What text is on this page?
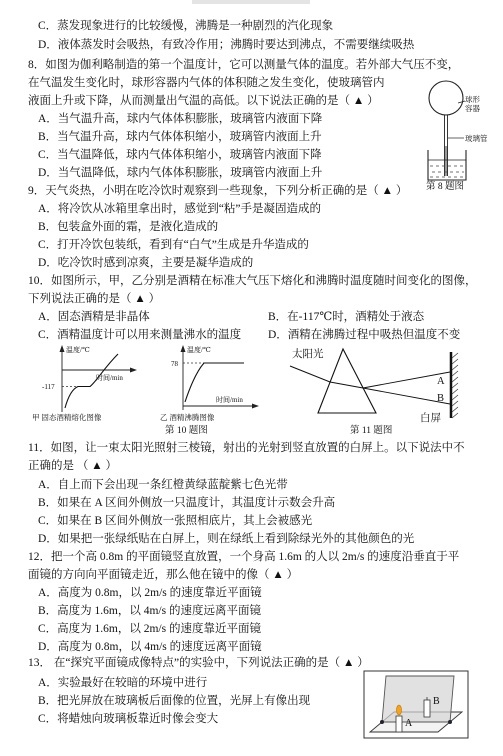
C．蒸发现象进行的比较缓慢，沸腾是一种剧烈的汽化现象
D．液体蒸发时会吸热，有致冷作用；沸腾时要达到沸点，不需要继续吸热
8．如图为伽利略制造的第一个温度计，它可以测量气体的温度。若外部大气压不变，
在气温发生变化时，球形容器内气体的体积随之发生变化，使玻璃管内
液面上升或下降，从而测量出气温的高低。以下说法正确的是（ ▲ ）
A．当气温升高，球内气体体积膨胀，玻璃管内液面下降
B．当气温升高，球内气体体积缩小，玻璃管内液面上升
C．当气温降低，球内气体体积缩小，玻璃管内液面下降
D．当气温降低，球内气体体积膨胀，玻璃管内液面上升
球形容器
玻璃管
第 8 题图
9．天气炎热，小明在吃冷饮时观察到一些现象，下列分析正确的是（ ▲ ）
A．将冷饮从冰箱里拿出时，感觉到“粘”手是凝固造成的
B．包装盒外面的霜，是液化造成的
C．打开冷饮包装纸，看到有“白气”生成是升华造成的
D．吃冷饮时感到凉爽，主要是凝华造成的
10．如图所示，甲，乙分别是酒精在标准大气压下熔化和沸腾时温度随时间变化的图像，
下列说法正确的是（ ▲ ）
A．固态酒精是非晶体	B．在-117℃时，酒精处于液态
C．酒精温度计可以用来测量沸水的温度	D．酒精在沸腾过程中吸热但温度不变
温度/℃
时间/min
-117
甲 固态酒精熔化图像
温度/℃
时间/min
78
乙 酒精沸腾图像
第 10 题图
太阳光
A
B
白屏
第 11 题图
11．如图，让一束太阳光照射三棱镜，射出的光射到竖直放置的白屏上。以下说法中不
正确的是 （ ▲ ）
A．自上而下会出现一条红橙黄绿蓝靛紫七色光带
B．如果在 A 区间外侧放一只温度计，其温度计示数会升高
C．如果在 B 区间外侧放一张照相底片，其上会被感光
D．如果把一张绿纸贴在白屏上，则在绿纸上看到除绿光外的其他颜色的光
12．把一个高 0.8m 的平面镜竖直放置，一个身高 1.6m 的人以 2m/s 的速度沿垂直于平
面镜的方向向平面镜走近，那么他在镜中的像（ ▲ ）
A．高度为 0.8m，以 2m/s 的速度靠近平面镜
B．高度为 1.6m，以 4m/s 的速度远离平面镜
C．高度为 1.6m，以 2m/s 的速度靠近平面镜
D．高度为 0.8m，以 4m/s 的速度远离平面镜
13． 在“探究平面镜成像特点”的实验中，下列说法正确的是（ ▲ ）
A．实验最好在较暗的环境中进行
B．把光屏放在玻璃板后面像的位置，光屏上有像出现
C．将蜡烛向玻璃板靠近时像会变大
B
A
